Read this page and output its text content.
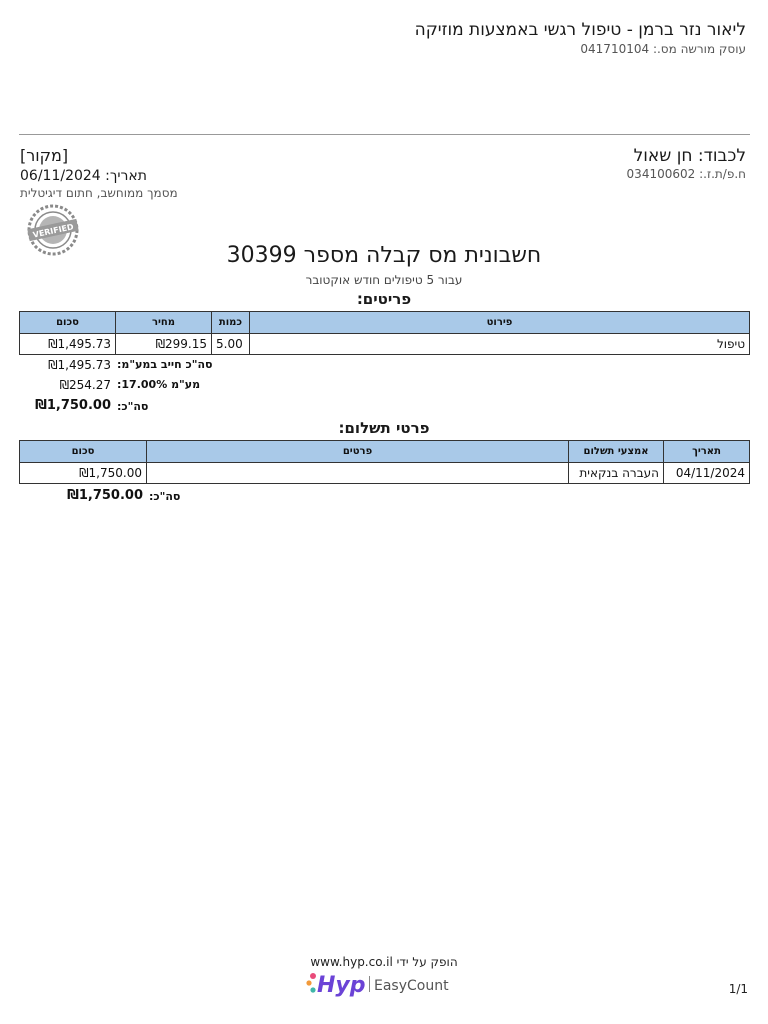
ליאור נזר ברמן - טיפול רגשי באמצעות מוזיקה
עוסק מורשה מס.: 041710104
לכבוד: חן שאול
ח.פ/ת.ז.: 034100602
[מקור]
תאריך: 06/11/2024
מסמך ממוחשב, חתום דיגיטלית
VERIFIED
חשבונית מס קבלה מספר 30399
עבור 5 טיפולים חודש אוקטובר
פריטים:
סכום	מחיר	כמות	פירוט
₪1,495.73	₪299.15	5.00	טיפול
₪1,495.73 סה"כ חייב במע"מ:
₪254.27 מע"מ 17.00%:
₪1,750.00 סה"כ:
פרטי תשלום:
סכום	פרטים	אמצעי תשלום	תאריך
₪1,750.00		העברה בנקאית	04/11/2024
₪1,750.00 סה"כ:
הופק על ידי www.hyp.co.il
Hyp EasyCount	1/1
